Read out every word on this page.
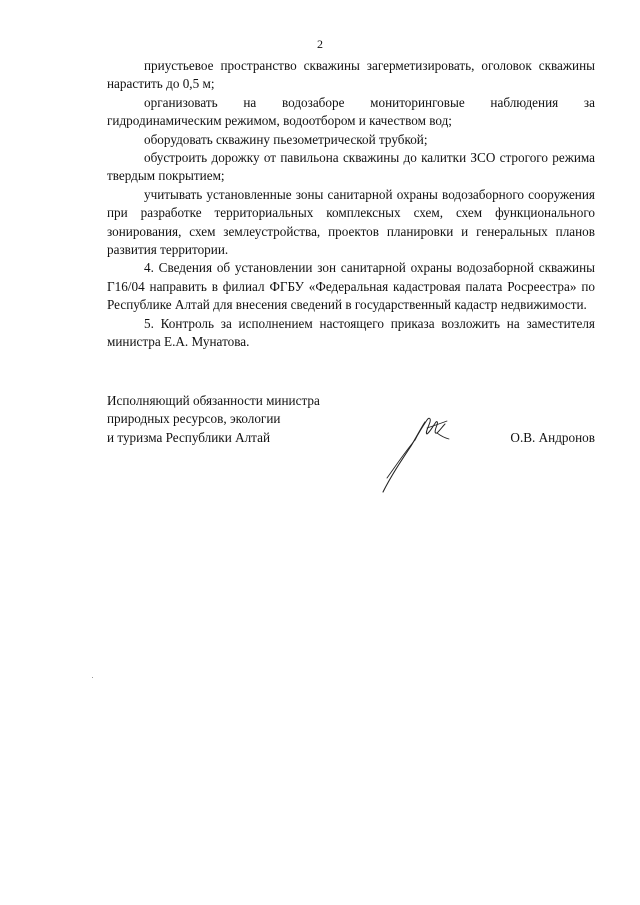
2

приустьевое пространство скважины загерметизировать, оголовок скважины нарастить до 0,5 м;

организовать на водозаборе мониторинговые наблюдения за гидродинамическим режимом, водоотбором и качеством вод;

оборудовать скважину пьезометрической трубкой;

обустроить дорожку от павильона скважины до калитки ЗСО строгого режима твердым покрытием;

учитывать установленные зоны санитарной охраны водозаборного сооружения при разработке территориальных комплексных схем, схем функционального зонирования, схем землеустройства, проектов планировки и генеральных планов развития территории.

4. Сведения об установлении зон санитарной охраны водозаборной скважины Г16/04 направить в филиал ФГБУ «Федеральная кадастровая палата Росреестра» по Республике Алтай для внесения сведений в государственный кадастр недвижимости.

5. Контроль за исполнением настоящего приказа возложить на заместителя министра Е.А. Мунатова.

Исполняющий обязанности министра
природных ресурсов, экологии
и туризма Республики Алтай	О.В. Андронов
